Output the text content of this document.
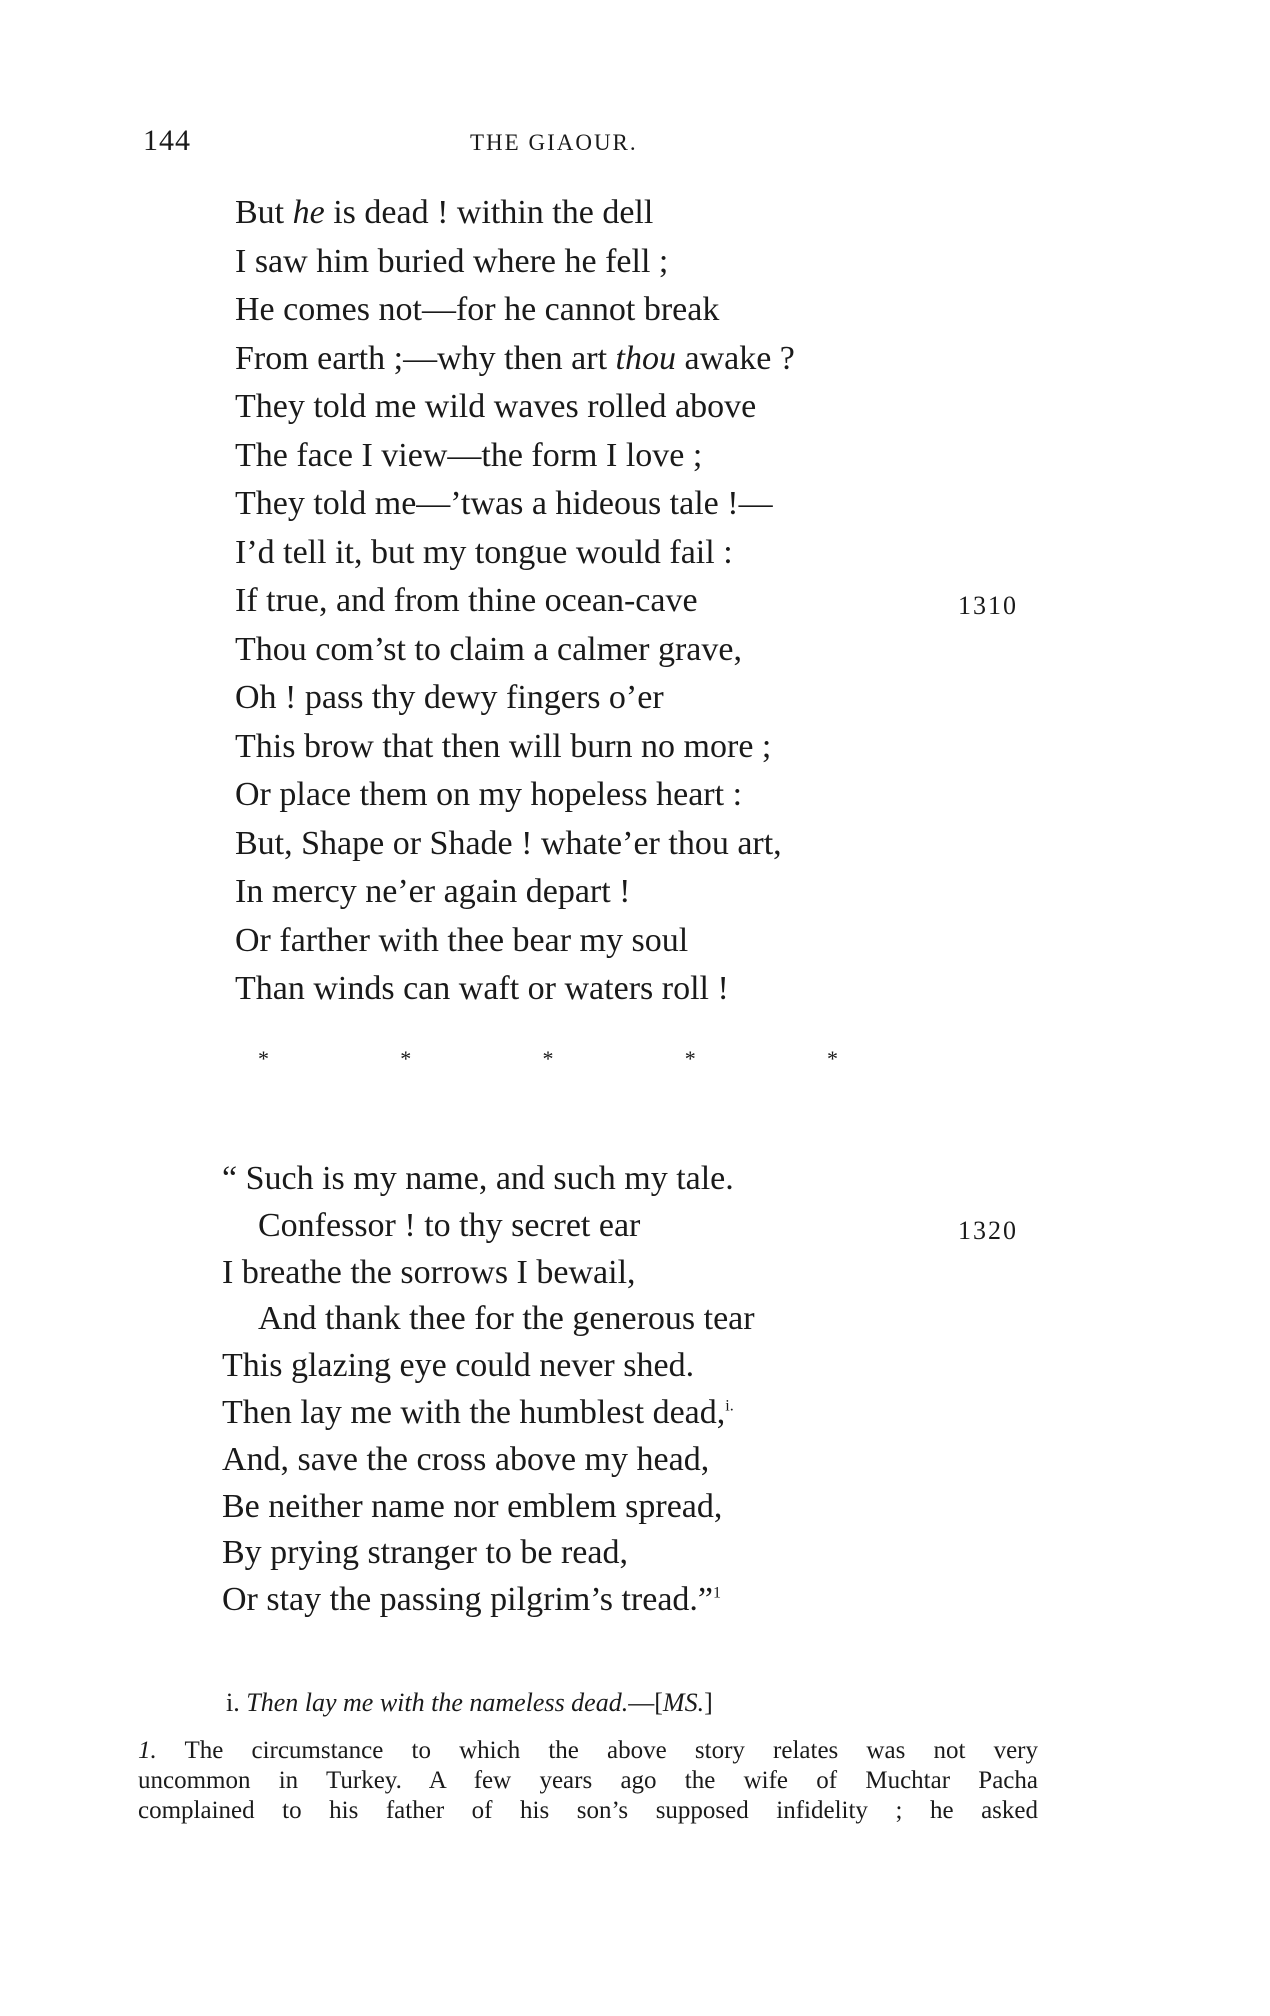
144	THE GIAOUR.
But he is dead ! within the dell
I saw him buried where he fell ;
He comes not—for he cannot break
From earth ;—why then art thou awake ?
They told me wild waves rolled above
The face I view—the form I love ;
They told me—’twas a hideous tale !—
I’d tell it, but my tongue would fail :
If true, and from thine ocean-cave	1310
Thou com’st to claim a calmer grave,
Oh ! pass thy dewy fingers o’er
This brow that then will burn no more ;
Or place them on my hopeless heart :
But, Shape or Shade ! whate’er thou art,
In mercy ne’er again depart !
Or farther with thee bear my soul
Than winds can waft or waters roll !
*	*	*	*	*
“ Such is my name, and such my tale.
Confessor ! to thy secret ear	1320
I breathe the sorrows I bewail,
And thank thee for the generous tear
This glazing eye could never shed.
Then lay me with the humblest dead,$^{i.}$
And, save the cross above my head,
Be neither name nor emblem spread,
By prying stranger to be read,
Or stay the passing pilgrim’s tread.”$^1$
i. Then lay me with the nameless dead.—[MS.]
1. The circumstance to which the above story relates was not very
uncommon in Turkey. A few years ago the wife of Muchtar Pacha
complained to his father of his son’s supposed infidelity ; he asked
